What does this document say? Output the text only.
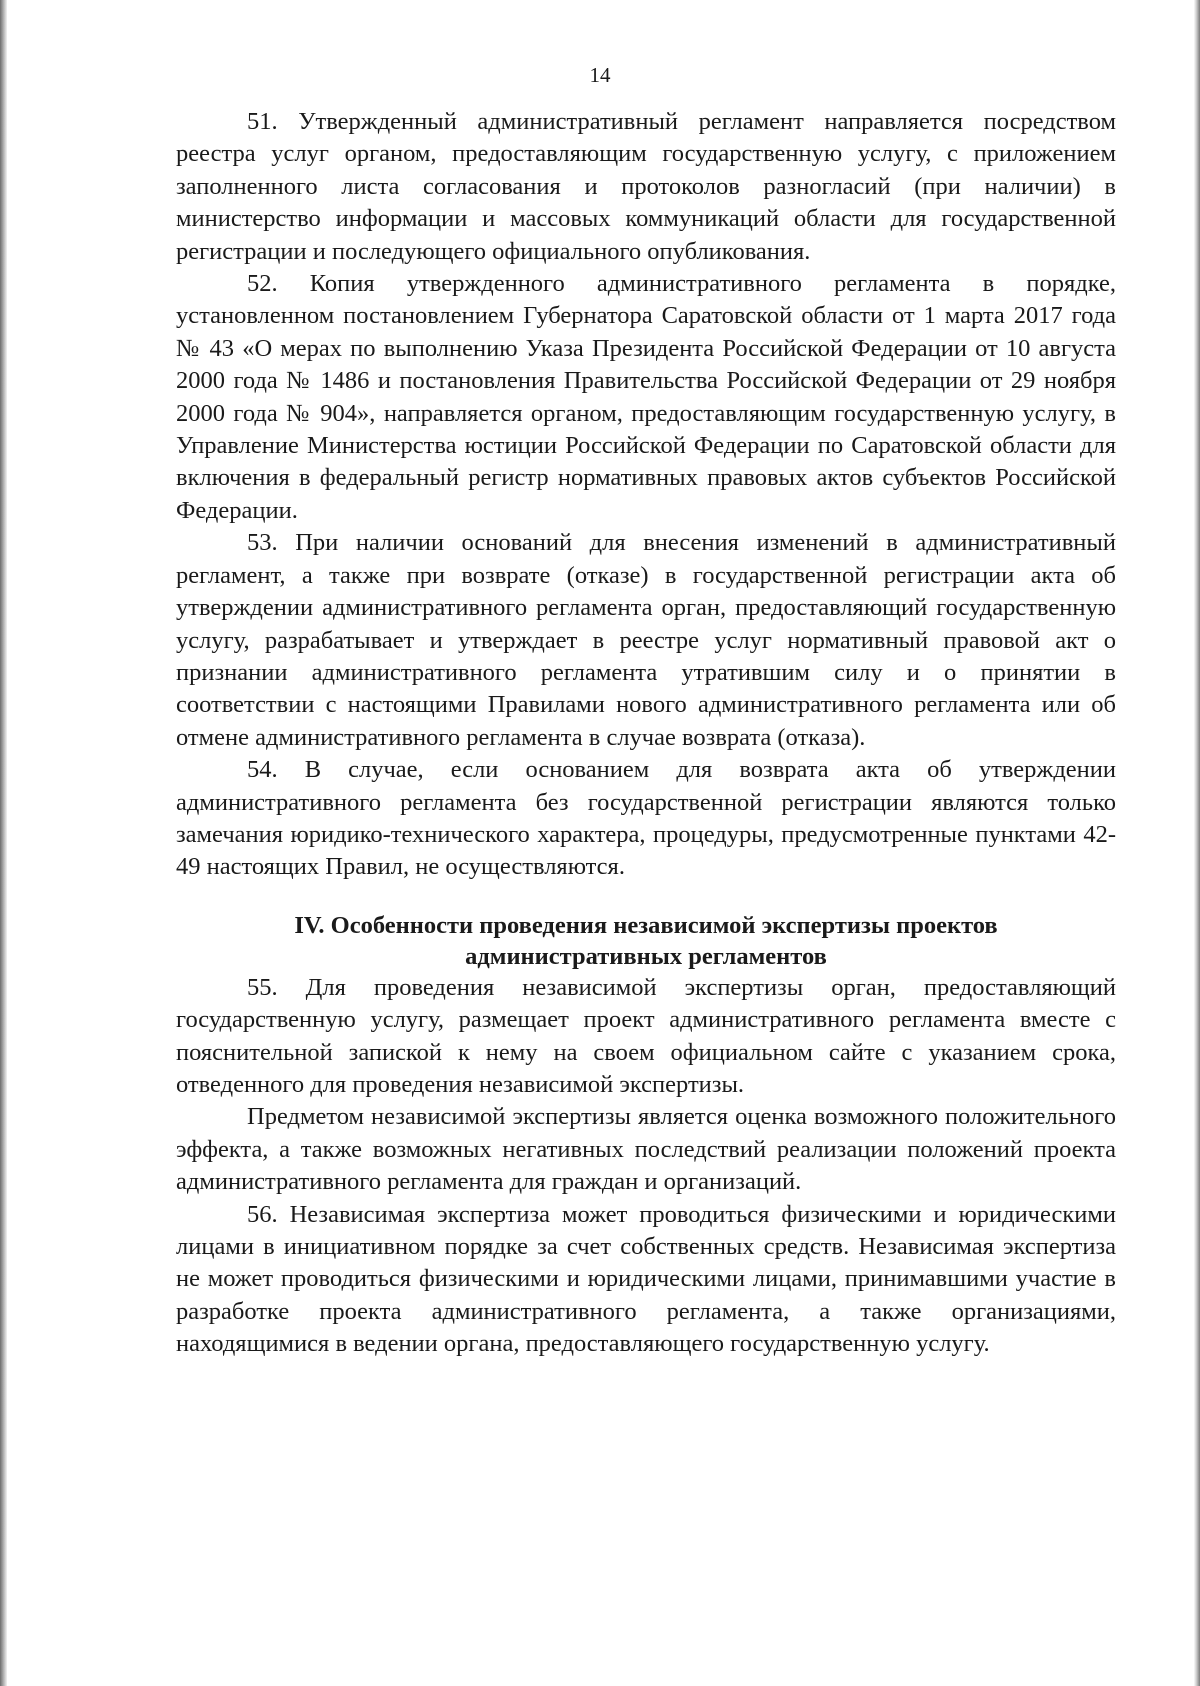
14

51. Утвержденный административный регламент направляется посредством реестра услуг органом, предоставляющим государственную услугу, с приложением заполненного листа согласования и протоколов разногласий (при наличии) в министерство информации и массовых коммуникаций области для государственной регистрации и последующего официального опубликования.

52. Копия утвержденного административного регламента в порядке, установленном постановлением Губернатора Саратовской области от 1 марта 2017 года № 43 «О мерах по выполнению Указа Президента Российской Федерации от 10 августа 2000 года № 1486 и постановления Правительства Российской Федерации от 29 ноября 2000 года № 904», направляется органом, предоставляющим государственную услугу, в Управление Министерства юстиции Российской Федерации по Саратовской области для включения в федеральный регистр нормативных правовых актов субъектов Российской Федерации.

53. При наличии оснований для внесения изменений в административный регламент, а также при возврате (отказе) в государственной регистрации акта об утверждении административного регламента орган, предоставляющий государственную услугу, разрабатывает и утверждает в реестре услуг нормативный правовой акт о признании административного регламента утратившим силу и о принятии в соответствии с настоящими Правилами нового административного регламента или об отмене административного регламента в случае возврата (отказа).

54. В случае, если основанием для возврата акта об утверждении административного регламента без государственной регистрации являются только замечания юридико-технического характера, процедуры, предусмотренные пунктами 42-49 настоящих Правил, не осуществляются.

IV. Особенности проведения независимой экспертизы проектов
административных регламентов

55. Для проведения независимой экспертизы орган, предоставляющий государственную услугу, размещает проект административного регламента вместе с пояснительной запиской к нему на своем официальном сайте с указанием срока, отведенного для проведения независимой экспертизы.

Предметом независимой экспертизы является оценка возможного положительного эффекта, а также возможных негативных последствий реализации положений проекта административного регламента для граждан и организаций.

56. Независимая экспертиза может проводиться физическими и юридическими лицами в инициативном порядке за счет собственных средств. Независимая экспертиза не может проводиться физическими и юридическими лицами, принимавшими участие в разработке проекта административного регламента, а также организациями, находящимися в ведении органа, предоставляющего государственную услугу.
